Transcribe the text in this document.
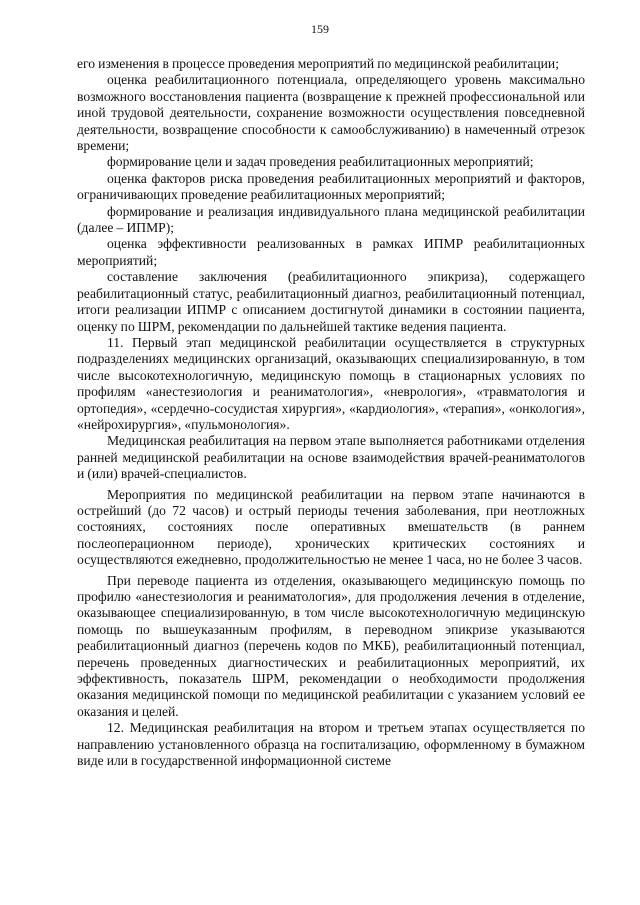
159

его изменения в процессе проведения мероприятий по медицинской реабилитации;

оценка реабилитационного потенциала, определяющего уровень максимально возможного восстановления пациента (возвращение к прежней профессиональной или иной трудовой деятельности, сохранение возможности осуществления повседневной деятельности, возвращение способности к самообслуживанию) в намеченный отрезок времени;

формирование цели и задач проведения реабилитационных мероприятий;

оценка факторов риска проведения реабилитационных мероприятий и факторов, ограничивающих проведение реабилитационных мероприятий;

формирование и реализация индивидуального плана медицинской реабилитации (далее – ИПМР);

оценка эффективности реализованных в рамках ИПМР реабилитационных мероприятий;

составление заключения (реабилитационного эпикриза), содержащего реабилитационный статус, реабилитационный диагноз, реабилитационный потенциал, итоги реализации ИПМР с описанием достигнутой динамики в состоянии пациента, оценку по ШРМ, рекомендации по дальнейшей тактике ведения пациента.

11. Первый этап медицинской реабилитации осуществляется в структурных подразделениях медицинских организаций, оказывающих специализированную, в том числе высокотехнологичную, медицинскую помощь в стационарных условиях по профилям «анестезиология и реаниматология», «неврология», «травматология и ортопедия», «сердечно-сосудистая хирургия», «кардиология», «терапия», «онкология», «нейрохирургия», «пульмонология».

Медицинская реабилитация на первом этапе выполняется работниками отделения ранней медицинской реабилитации на основе взаимодействия врачей-реаниматологов и (или) врачей-специалистов.

Мероприятия по медицинской реабилитации на первом этапе начинаются в острейший (до 72 часов) и острый периоды течения заболевания, при неотложных состояниях, состояниях после оперативных вмешательств (в раннем послеоперационном периоде), хронических критических состояниях и осуществляются ежедневно, продолжительностью не менее 1 часа, но не более 3 часов.

При переводе пациента из отделения, оказывающего медицинскую помощь по профилю «анестезиология и реаниматология», для продолжения лечения в отделение, оказывающее специализированную, в том числе высокотехнологичную медицинскую помощь по вышеуказанным профилям, в переводном эпикризе указываются реабилитационный диагноз (перечень кодов по МКБ), реабилитационный потенциал, перечень проведенных диагностических и реабилитационных мероприятий, их эффективность, показатель ШРМ, рекомендации о необходимости продолжения оказания медицинской помощи по медицинской реабилитации с указанием условий ее оказания и целей.

12. Медицинская реабилитация на втором и третьем этапах осуществляется по направлению установленного образца на госпитализацию, оформленному в бумажном виде или в государственной информационной системе
